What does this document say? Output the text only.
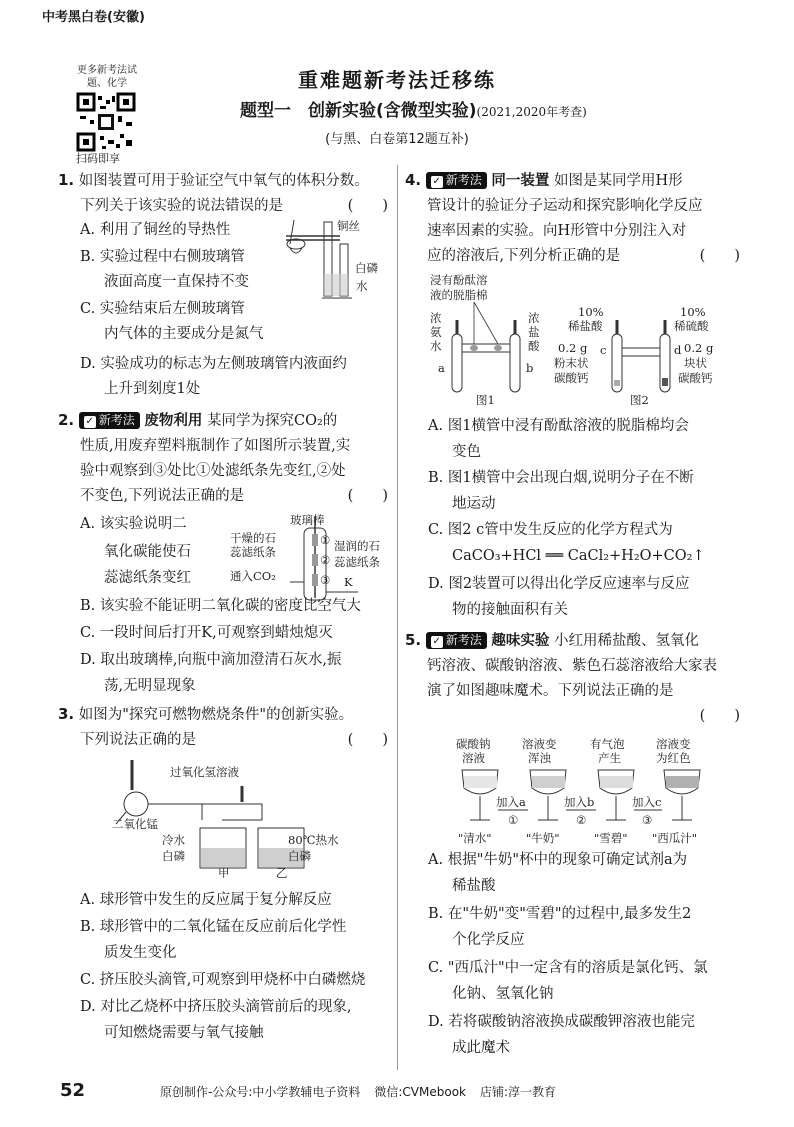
中考黑白卷(安徽)
更多新考法试题、化学
扫码即享
重难题新考法迁移练
题型一　创新实验(含微型实验)(2021,2020年考查)
(与黑、白卷第12题互补)
1. 如图装置可用于验证空气中氧气的体积分数。
下列关于该实验的说法错误的是	(　　)
A. 利用了铜丝的导热性
B. 实验过程中右侧玻璃管
液面高度一直保持不变
C. 实验结束后左侧玻璃管
内气体的主要成分是氮气
D. 实验成功的标志为左侧玻璃管内液面约
上升到刻度1处
铜丝
白磷
水
2. ✓ 新考法 废物利用 某同学为探究CO₂的
性质,用废弃塑料瓶制作了如图所示装置,实
验中观察到③处比①处滤纸条先变红,②处
不变色,下列说法正确的是	(　　)
A. 该实验说明二
氧化碳能使石
蕊滤纸条变红
玻璃棒
干燥的石
蕊滤纸条	湿润的石
蕊滤纸条
通入CO₂	K
①
②
③
B. 该实验不能证明二氧化碳的密度比空气大
C. 一段时间后打开K,可观察到蜡烛熄灭
D. 取出玻璃棒,向瓶中滴加澄清石灰水,振
荡,无明显现象
3. 如图为"探究可燃物燃烧条件"的创新实验。
下列说法正确的是	(　　)
过氧化氢溶液
二氧化锰
冷水
白磷
80℃热水
白磷
甲	乙
A. 球形管中发生的反应属于复分解反应
B. 球形管中的二氧化锰在反应前后化学性
质发生变化
C. 挤压胶头滴管,可观察到甲烧杯中白磷燃烧
D. 对比乙烧杯中挤压胶头滴管前后的现象,
可知燃烧需要与氧气接触
4. ✓ 新考法 同一装置 如图是某同学用H形
管设计的验证分子运动和探究影响化学反应
速率因素的实验。向H形管中分别注入对
应的溶液后,下列分析正确的是	(　　)
浸有酚酞溶
液的脱脂棉
浓
氨
水
浓
盐
酸
a	b
图1
10%
稀盐酸
10%
稀硫酸
c	d
0.2 g
粉末状
碳酸钙
0.2 g
块状
碳酸钙
图2
A. 图1横管中浸有酚酞溶液的脱脂棉均会
变色
B. 图1横管中会出现白烟,说明分子在不断
地运动
C. 图2 c管中发生反应的化学方程式为
CaCO₃+HCl ══ CaCl₂+H₂O+CO₂↑
D. 图2装置可以得出化学反应速率与反应
物的接触面积有关
5. ✓ 新考法 趣味实验 小红用稀盐酸、氢氧化
钙溶液、碳酸钠溶液、紫色石蕊溶液给大家表
演了如图趣味魔术。下列说法正确的是
(　　)
碳酸钠
溶液
溶液变
浑浊
有气泡
产生
溶液变
为红色
加入a	加入b	加入c
①	②	③
"清水"	"牛奶"	"雪碧" "西瓜汁"
A. 根据"牛奶"杯中的现象可确定试剂a为
稀盐酸
B. 在"牛奶"变"雪碧"的过程中,最多发生2
个化学反应
C. "西瓜汁"中一定含有的溶质是氯化钙、氯
化钠、氢氧化钠
D. 若将碳酸钠溶液换成碳酸钾溶液也能完
成此魔术
52	原创制作-公众号:中小学教辅电子资料 微信:CVMebook 店铺:淳一教育
